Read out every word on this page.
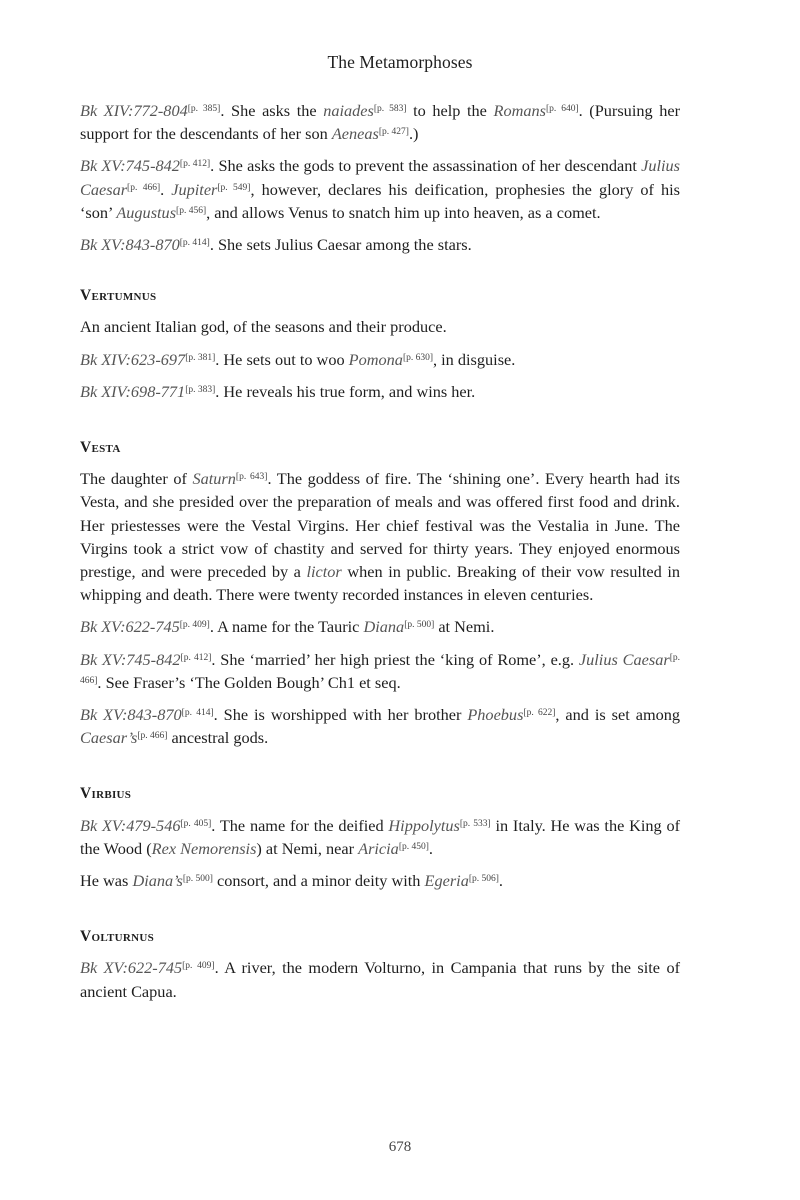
The Metamorphoses

Bk XIV:772-804[p. 385]. She asks the naiades[p. 583] to help the Romans[p. 640]. (Pursuing her support for the descendants of her son Aeneas[p. 427].)

Bk XV:745-842[p. 412]. She asks the gods to prevent the assassination of her descendant Julius Caesar[p. 466]. Jupiter[p. 549], however, declares his deification, prophesies the glory of his ‘son’ Augustus[p. 456], and allows Venus to snatch him up into heaven, as a comet.

Bk XV:843-870[p. 414]. She sets Julius Caesar among the stars.

Vertumnus

An ancient Italian god, of the seasons and their produce.

Bk XIV:623-697[p. 381]. He sets out to woo Pomona[p. 630], in disguise.

Bk XIV:698-771[p. 383]. He reveals his true form, and wins her.

Vesta

The daughter of Saturn[p. 643]. The goddess of fire. The ‘shining one’. Every hearth had its Vesta, and she presided over the preparation of meals and was offered first food and drink. Her priestesses were the Vestal Virgins. Her chief festival was the Vestalia in June. The Virgins took a strict vow of chastity and served for thirty years. They enjoyed enormous prestige, and were preceded by a lictor when in public. Breaking of their vow resulted in whipping and death. There were twenty recorded instances in eleven centuries.

Bk XV:622-745[p. 409]. A name for the Tauric Diana[p. 500] at Nemi.

Bk XV:745-842[p. 412]. She ‘married’ her high priest the ‘king of Rome’, e.g. Julius Caesar[p. 466]. See Fraser’s ‘The Golden Bough’ Ch1 et seq.

Bk XV:843-870[p. 414]. She is worshipped with her brother Phoebus[p. 622], and is set among Caesar’s[p. 466] ancestral gods.

Virbius

Bk XV:479-546[p. 405]. The name for the deified Hippolytus[p. 533] in Italy. He was the King of the Wood (Rex Nemorensis) at Nemi, near Aricia[p. 450].

He was Diana’s[p. 500] consort, and a minor deity with Egeria[p. 506].

Volturnus

Bk XV:622-745[p. 409]. A river, the modern Volturno, in Campania that runs by the site of ancient Capua.

678
